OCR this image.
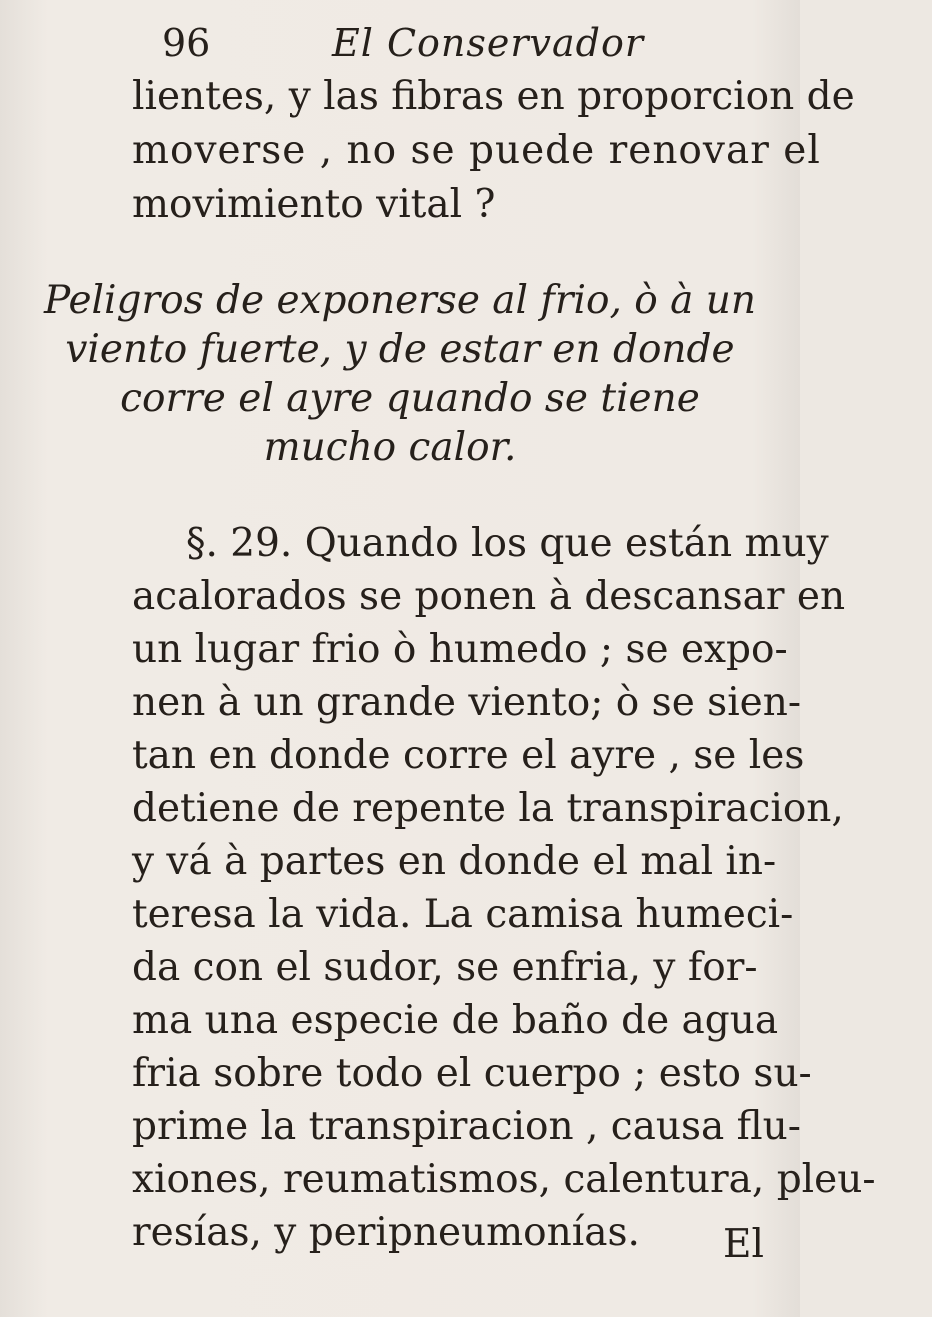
96	El Conservador
lientes, y las fibras en proporcion de
moverse , no se puede renovar el
movimiento vital ?
Peligros de exponerse al frio, ò à un
viento fuerte, y de estar en donde
corre el ayre quando se tiene
mucho calor.
§. 29. Quando los que están muy
acalorados se ponen à descansar en
un lugar frio ò humedo ; se expo-
nen à un grande viento; ò se sien-
tan en donde corre el ayre , se les
detiene de repente la transpiracion,
y vá à partes en donde el mal in-
teresa la vida. La camisa humeci-
da con el sudor, se enfria, y for-
ma una especie de baño de agua
fria sobre todo el cuerpo ; esto su-
prime la transpiracion , causa flu-
xiones, reumatismos, calentura, pleu-
resías, y peripneumonías. El
